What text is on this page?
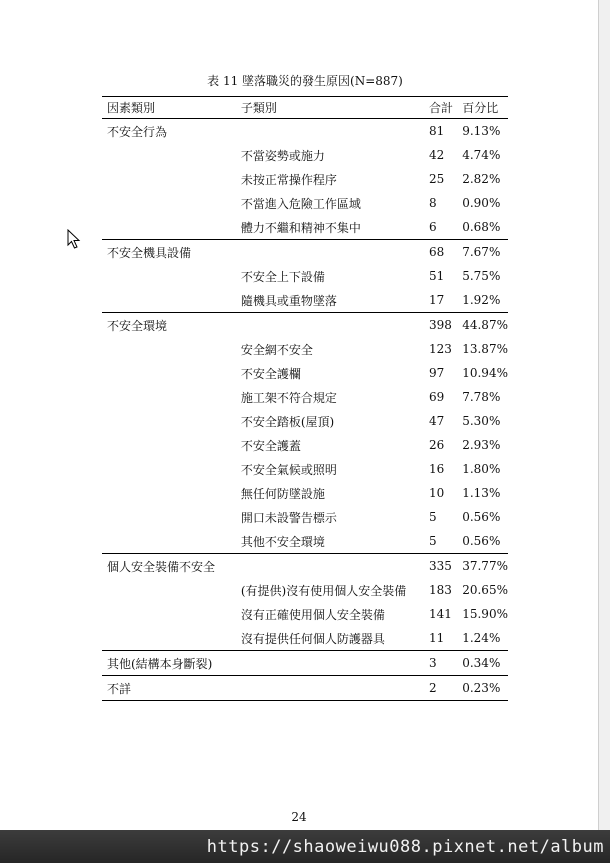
表 11 墜落職災的發生原因(N=887)
因素類別	子類別	合計	百分比
不安全行為		81	9.13%
	不當姿勢或施力	42	4.74%
	未按正常操作程序	25	2.82%
	不當進入危險工作區域	8	0.90%
	體力不繼和精神不集中	6	0.68%
不安全機具設備		68	7.67%
	不安全上下設備	51	5.75%
	隨機具或重物墜落	17	1.92%
不安全環境		398	44.87%
	安全網不安全	123	13.87%
	不安全護欄	97	10.94%
	施工架不符合規定	69	7.78%
	不安全踏板(屋頂)	47	5.30%
	不安全護蓋	26	2.93%
	不安全氣候或照明	16	1.80%
	無任何防墜設施	10	1.13%
	開口未設警告標示	5	0.56%
	其他不安全環境	5	0.56%
個人安全裝備不安全		335	37.77%
	(有提供)沒有使用個人安全裝備	183	20.65%
	沒有正確使用個人安全裝備	141	15.90%
	沒有提供任何個人防護器具	11	1.24%
其他(結構本身斷裂)		3	0.34%
不詳		2	0.23%
24
https://shaoweiwu088.pixnet.net/album
